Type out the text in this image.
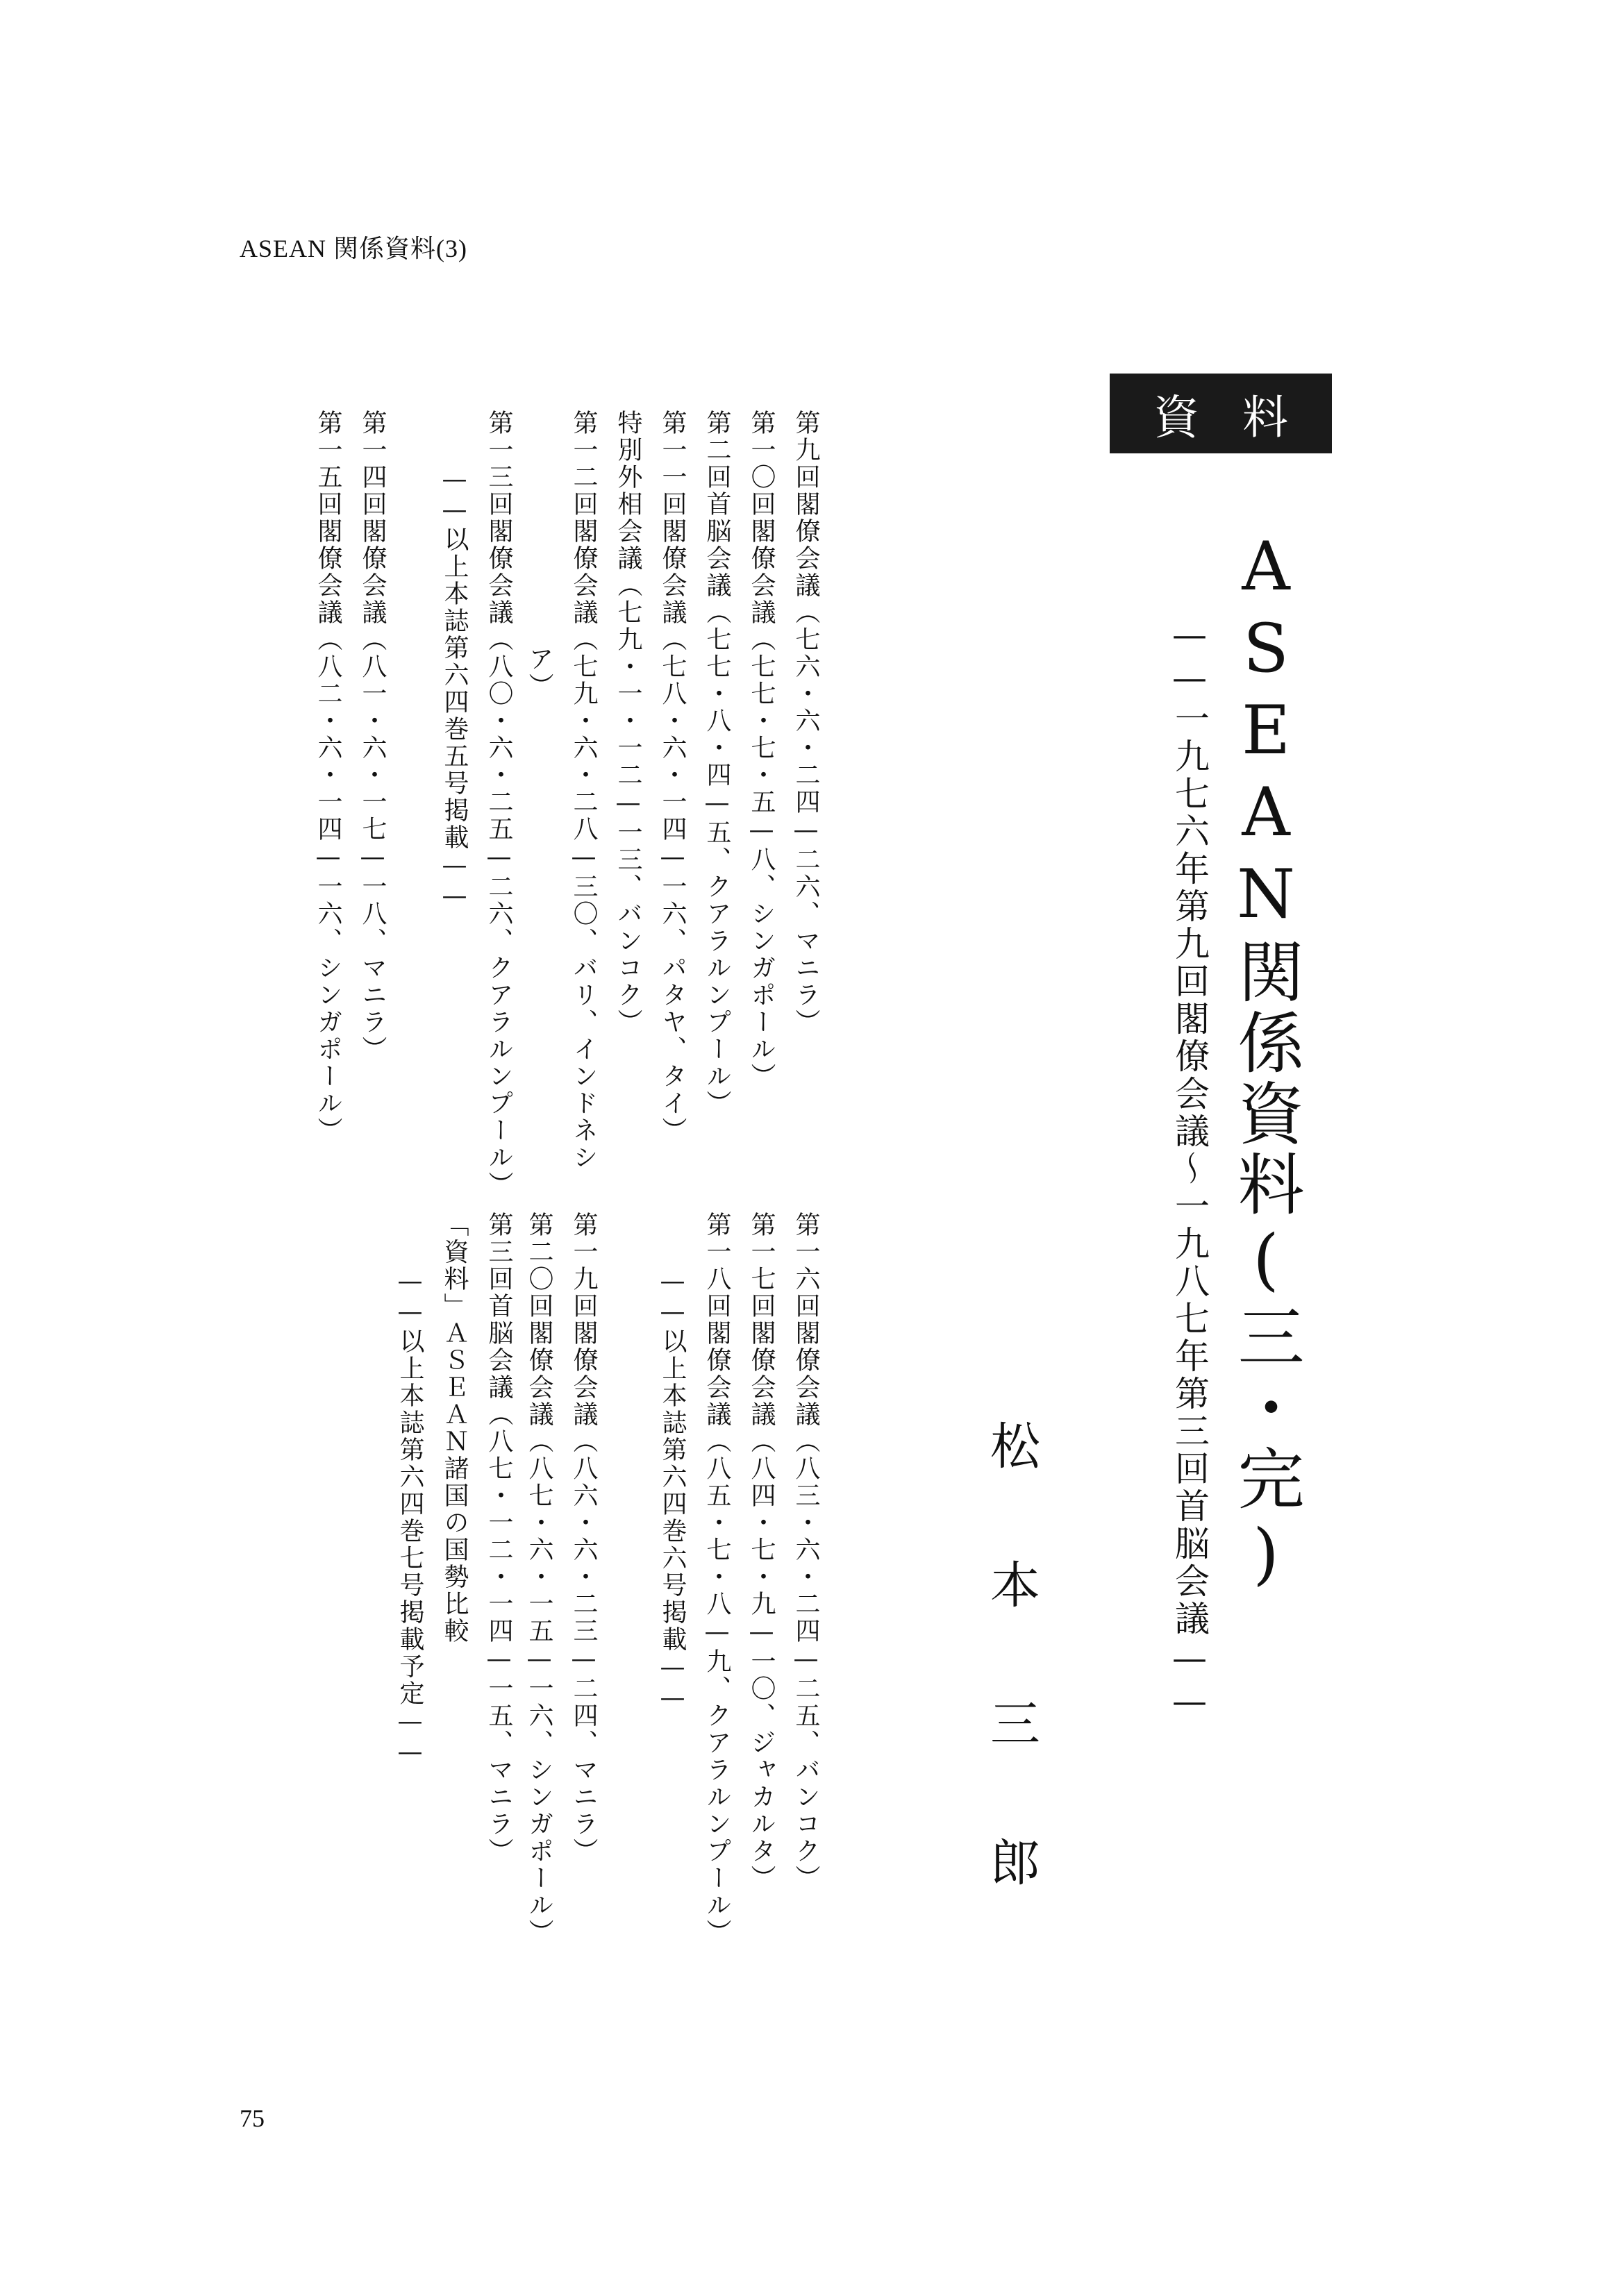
ASEAN 関係資料(3)
資料
ASEAN関係資料(三・完)
——一九七六年第九回閣僚会議〜一九八七年第三回首脳会議——
松本三郎
第九回閣僚会議（七六・六・二四—二六、マニラ）
第一〇回閣僚会議（七七・七・五—八、シンガポール）
第二回首脳会議（七七・八・四—五、クアラルンプール）
第一一回閣僚会議（七八・六・一四—一六、パタヤ、タイ）
特別外相会議（七九・一・一二—一三、バンコク）
第一二回閣僚会議（七九・六・二八—三〇、バリ、インドネシ
ア）
第一三回閣僚会議（八〇・六・二五—二六、クアラルンプール）
——以上本誌第六四巻五号掲載——
第一四回閣僚会議（八一・六・一七—一八、マニラ）
第一五回閣僚会議（八二・六・一四—一六、シンガポール）
第一六回閣僚会議（八三・六・二四—二五、バンコク）
第一七回閣僚会議（八四・七・九—一〇、ジャカルタ）
第一八回閣僚会議（八五・七・八—九、クアラルンプール）
——以上本誌第六四巻六号掲載——
第一九回閣僚会議（八六・六・二三—二四、マニラ）
第二〇回閣僚会議（八七・六・一五—一六、シンガポール）
第三回首脳会議（八七・一二・一四—一五、マニラ）
「資料」ＡＳＥＡＮ諸国の国勢比較
——以上本誌第六四巻七号掲載予定——
75
